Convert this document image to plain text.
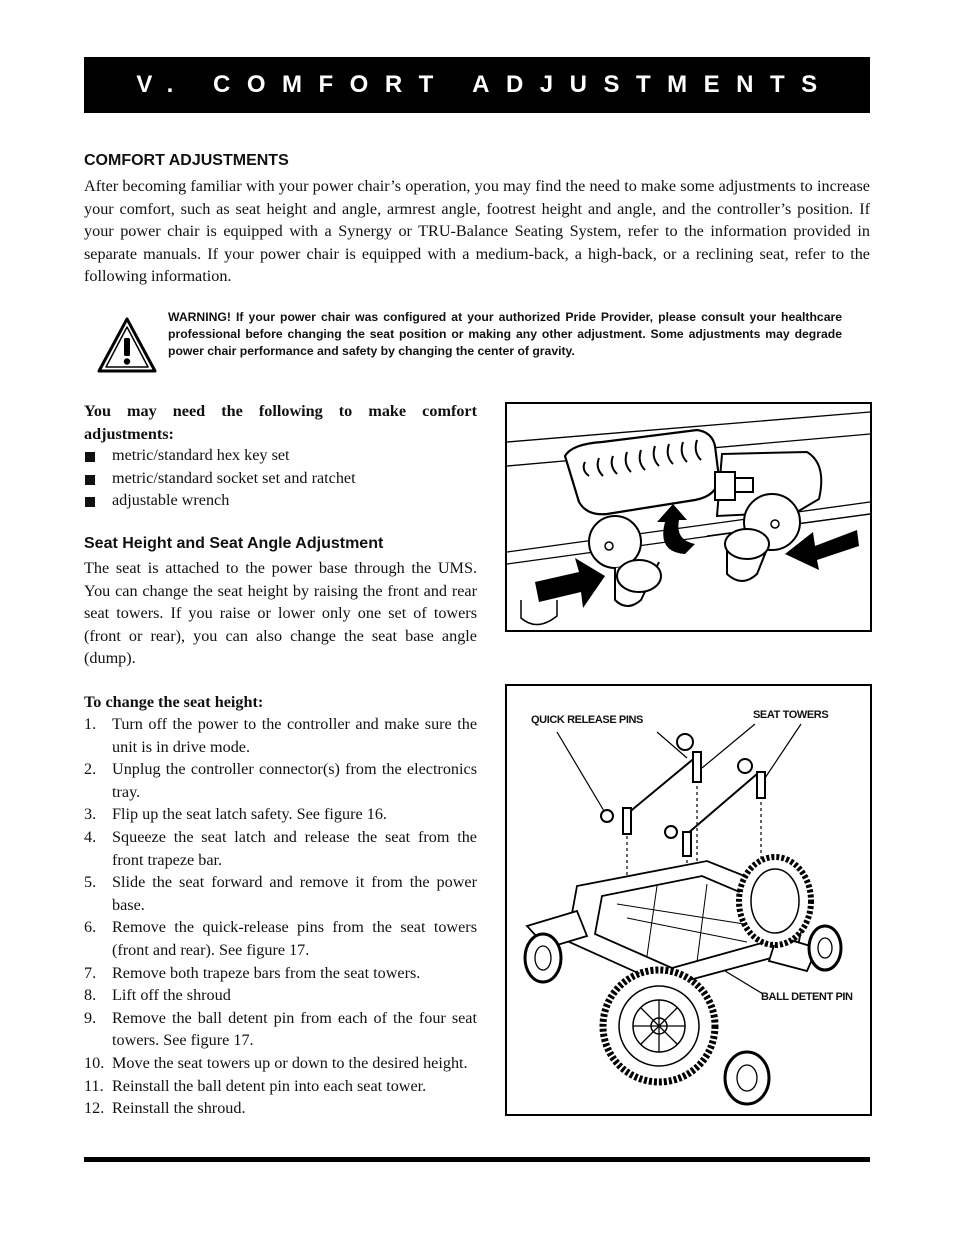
V. COMFORT ADJUSTMENTS
COMFORT ADJUSTMENTS

After becoming familiar with your power chair’s operation, you may find the need to make some adjustments to increase your comfort, such as seat height and angle, armrest angle, footrest height and angle, and the controller’s position. If your power chair is equipped with a Synergy or TRU-Balance Seating System, refer to the information provided in separate manuals. If your power chair is equipped with a medium-back, a high-back, or a reclining seat, refer to the following information.

WARNING! If your power chair was configured at your authorized Pride Provider, please consult your healthcare professional before changing the seat position or making any other adjustment. Some adjustments may degrade power chair performance and safety by changing the center of gravity.

You may need the following to make comfort adjustments:

metric/standard hex key set
metric/standard socket set and ratchet
adjustable wrench
Seat Height and Seat Angle Adjustment

The seat is attached to the power base through the UMS. You can change the seat height by raising the front and rear seat towers. If you raise or lower only one set of towers (front or rear), you can also change the seat base angle (dump).

To change the seat height:

1. Turn off the power to the controller and make sure the unit is in drive mode.
2. Unplug the controller connector(s) from the electronics tray.
3. Flip up the seat latch safety. See figure 16.
4. Squeeze the seat latch and release the seat from the front trapeze bar.
5. Slide the seat forward and remove it from the power base.
6. Remove the quick-release pins from the seat towers (front and rear). See figure 17.
7. Remove both trapeze bars from the seat towers.
8. Lift off the shroud
9. Remove the ball detent pin from each of the four seat towers. See figure 17.
10. Move the seat towers up or down to the desired height.
11. Reinstall the ball detent pin into each seat tower.
12. Reinstall the shroud.
QUICK RELEASE PINS	SEAT TOWERS
BALL DETENT PIN
